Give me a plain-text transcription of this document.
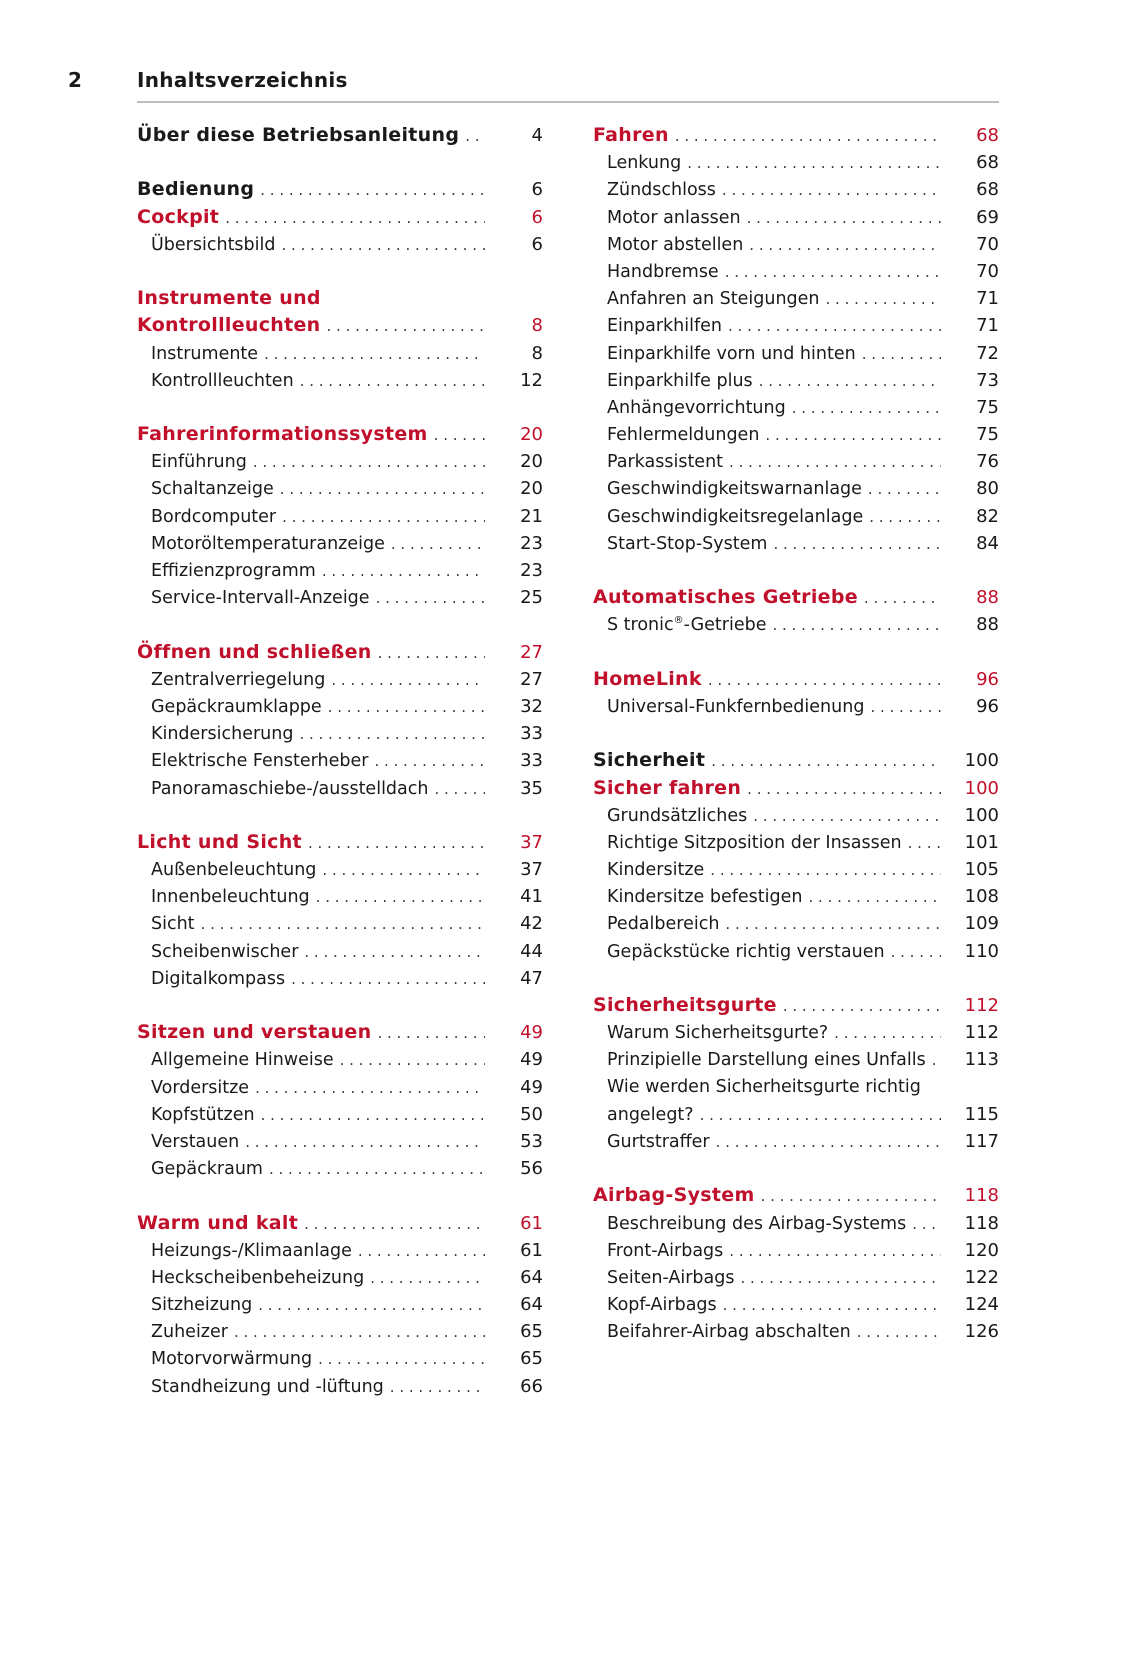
2	Inhaltsverzeichnis
Über diese Betriebsanleitung . . .	4
Bedienung . . .	6
Cockpit . . .	6
Übersichtsbild . . .	6
Instrumente und
Kontrollleuchten . . .	8
Instrumente . . .	8
Kontrollleuchten . . .	12
Fahrerinformationssystem . . .	20
Einführung . . .	20
Schaltanzeige . . .	20
Bordcomputer . . .	21
Motoröltemperaturanzeige . . .	23
Effizienzprogramm . . .	23
Service-Intervall-Anzeige . . .	25
Öffnen und schließen . . .	27
Zentralverriegelung . . .	27
Gepäckraumklappe . . .	32
Kindersicherung . . .	33
Elektrische Fensterheber . . .	33
Panoramaschiebe-/ausstelldach . . .	35
Licht und Sicht . . .	37
Außenbeleuchtung . . .	37
Innenbeleuchtung . . .	41
Sicht . . .	42
Scheibenwischer . . .	44
Digitalkompass . . .	47
Sitzen und verstauen . . .	49
Allgemeine Hinweise . . .	49
Vordersitze . . .	49
Kopfstützen . . .	50
Verstauen . . .	53
Gepäckraum . . .	56
Warm und kalt . . .	61
Heizungs-/Klimaanlage . . .	61
Heckscheibenbeheizung . . .	64
Sitzheizung . . .	64
Zuheizer . . .	65
Motorvorwärmung . . .	65
Standheizung und -lüftung . . .	66
Fahren . . .	68
Lenkung . . .	68
Zündschloss . . .	68
Motor anlassen . . .	69
Motor abstellen . . .	70
Handbremse . . .	70
Anfahren an Steigungen . . .	71
Einparkhilfen . . .	71
Einparkhilfe vorn und hinten . . .	72
Einparkhilfe plus . . .	73
Anhängevorrichtung . . .	75
Fehlermeldungen . . .	75
Parkassistent . . .	76
Geschwindigkeitswarnanlage . . .	80
Geschwindigkeitsregelanlage . . .	82
Start-Stop-System . . .	84
Automatisches Getriebe . . .	88
S tronic®-Getriebe . . .	88
HomeLink . . .	96
Universal-Funkfernbedienung . . .	96
Sicherheit . . .	100
Sicher fahren . . .	100
Grundsätzliches . . .	100
Richtige Sitzposition der Insassen . . .	101
Kindersitze . . .	105
Kindersitze befestigen . . .	108
Pedalbereich . . .	109
Gepäckstücke richtig verstauen . . .	110
Sicherheitsgurte . . .	112
Warum Sicherheitsgurte? . . .	112
Prinzipielle Darstellung eines Unfalls . . .	113
Wie werden Sicherheitsgurte richtig
angelegt? . . .	115
Gurtstraffer . . .	117
Airbag-System . . .	118
Beschreibung des Airbag-Systems . . .	118
Front-Airbags . . .	120
Seiten-Airbags . . .	122
Kopf-Airbags . . .	124
Beifahrer-Airbag abschalten . . .	126
